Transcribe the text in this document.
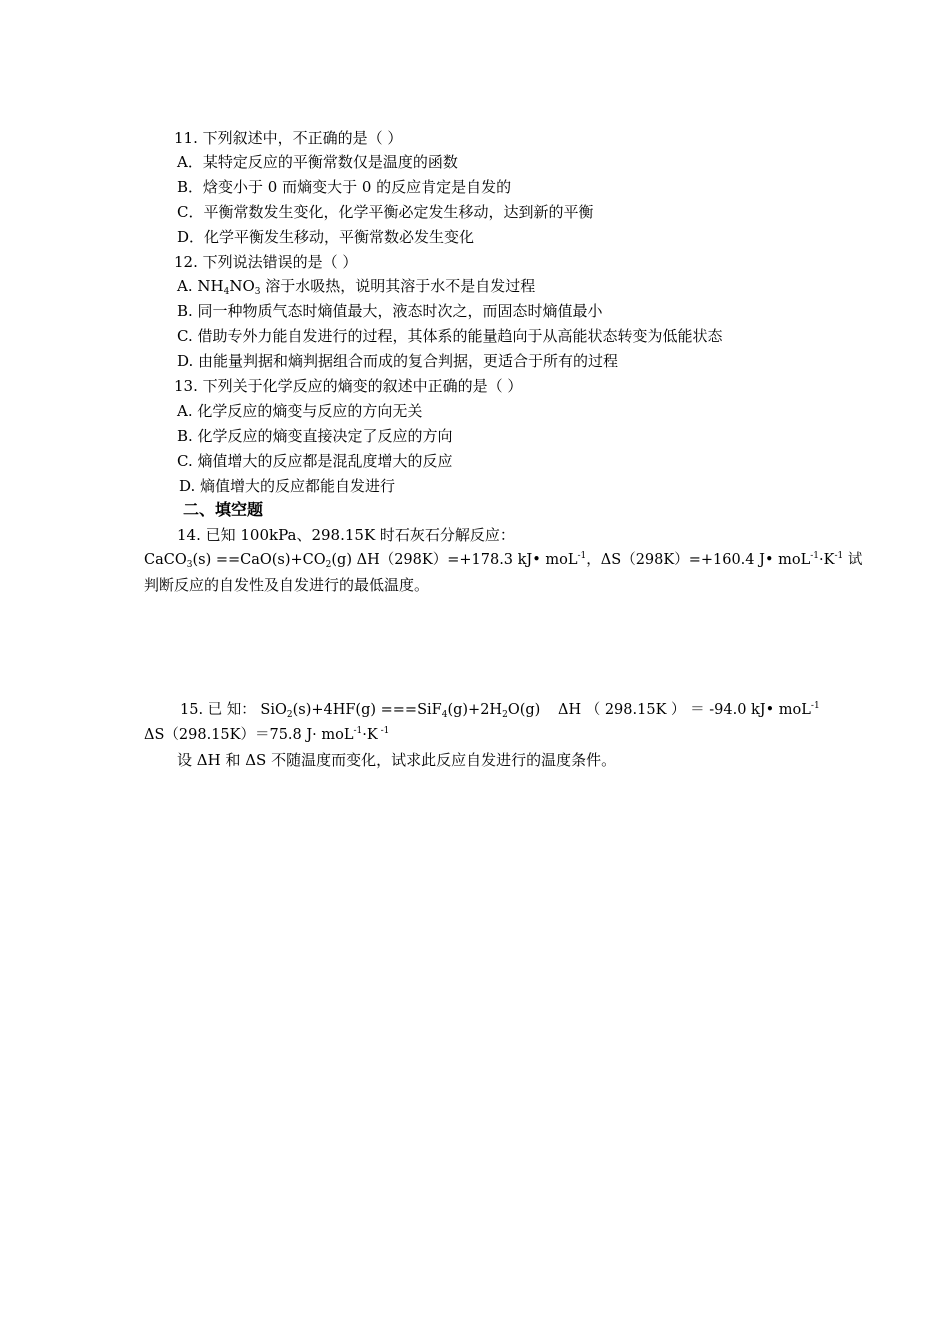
11. 下列叙述中，不正确的是（ ）
A．某特定反应的平衡常数仅是温度的函数
B．焓变小于 0 而熵变大于 0 的反应肯定是自发的
C．平衡常数发生变化，化学平衡必定发生移动，达到新的平衡
D．化学平衡发生移动，平衡常数必发生变化
12. 下列说法错误的是（ ）
A. $NH_4NO_3$ 溶于水吸热，说明其溶于水不是自发过程
B. 同一种物质气态时熵值最大，液态时次之，而固态时熵值最小
C. 借助专外力能自发进行的过程，其体系的能量趋向于从高能状态转变为低能状态
D. 由能量判据和熵判据组合而成的复合判据，更适合于所有的过程
13. 下列关于化学反应的熵变的叙述中正确的是（ ）
A. 化学反应的熵变与反应的方向无关
B. 化学反应的熵变直接决定了反应的方向
C. 熵值增大的反应都是混乱度增大的反应
D. 熵值增大的反应都能自发进行
二、填空题
14. 已知 100kPa、298.15K 时石灰石分解反应：
CaCO$_3$(s) $==CaO(s)+CO_2(g)$ ΔH（298K）=+178.3 kJ• moL$^{-1}$，ΔS（298K）=+160.4 J• $moL^{-1}\cdot K^{-1}$ 试
判断反应的自发性及自发进行的最低温度。
15. 已 知： $SiO_2(s)+4HF(g) ===SiF_4(g)+2H_2O(g)$ ΔH （ 298.15K ） ＝ -94.0 kJ• moL$^{-1}$
ΔS（298.15K）＝75.8 J· moL$^{-1}$·K $^{-1}$
设 ΔH 和 ΔS 不随温度而变化，试求此反应自发进行的温度条件。
